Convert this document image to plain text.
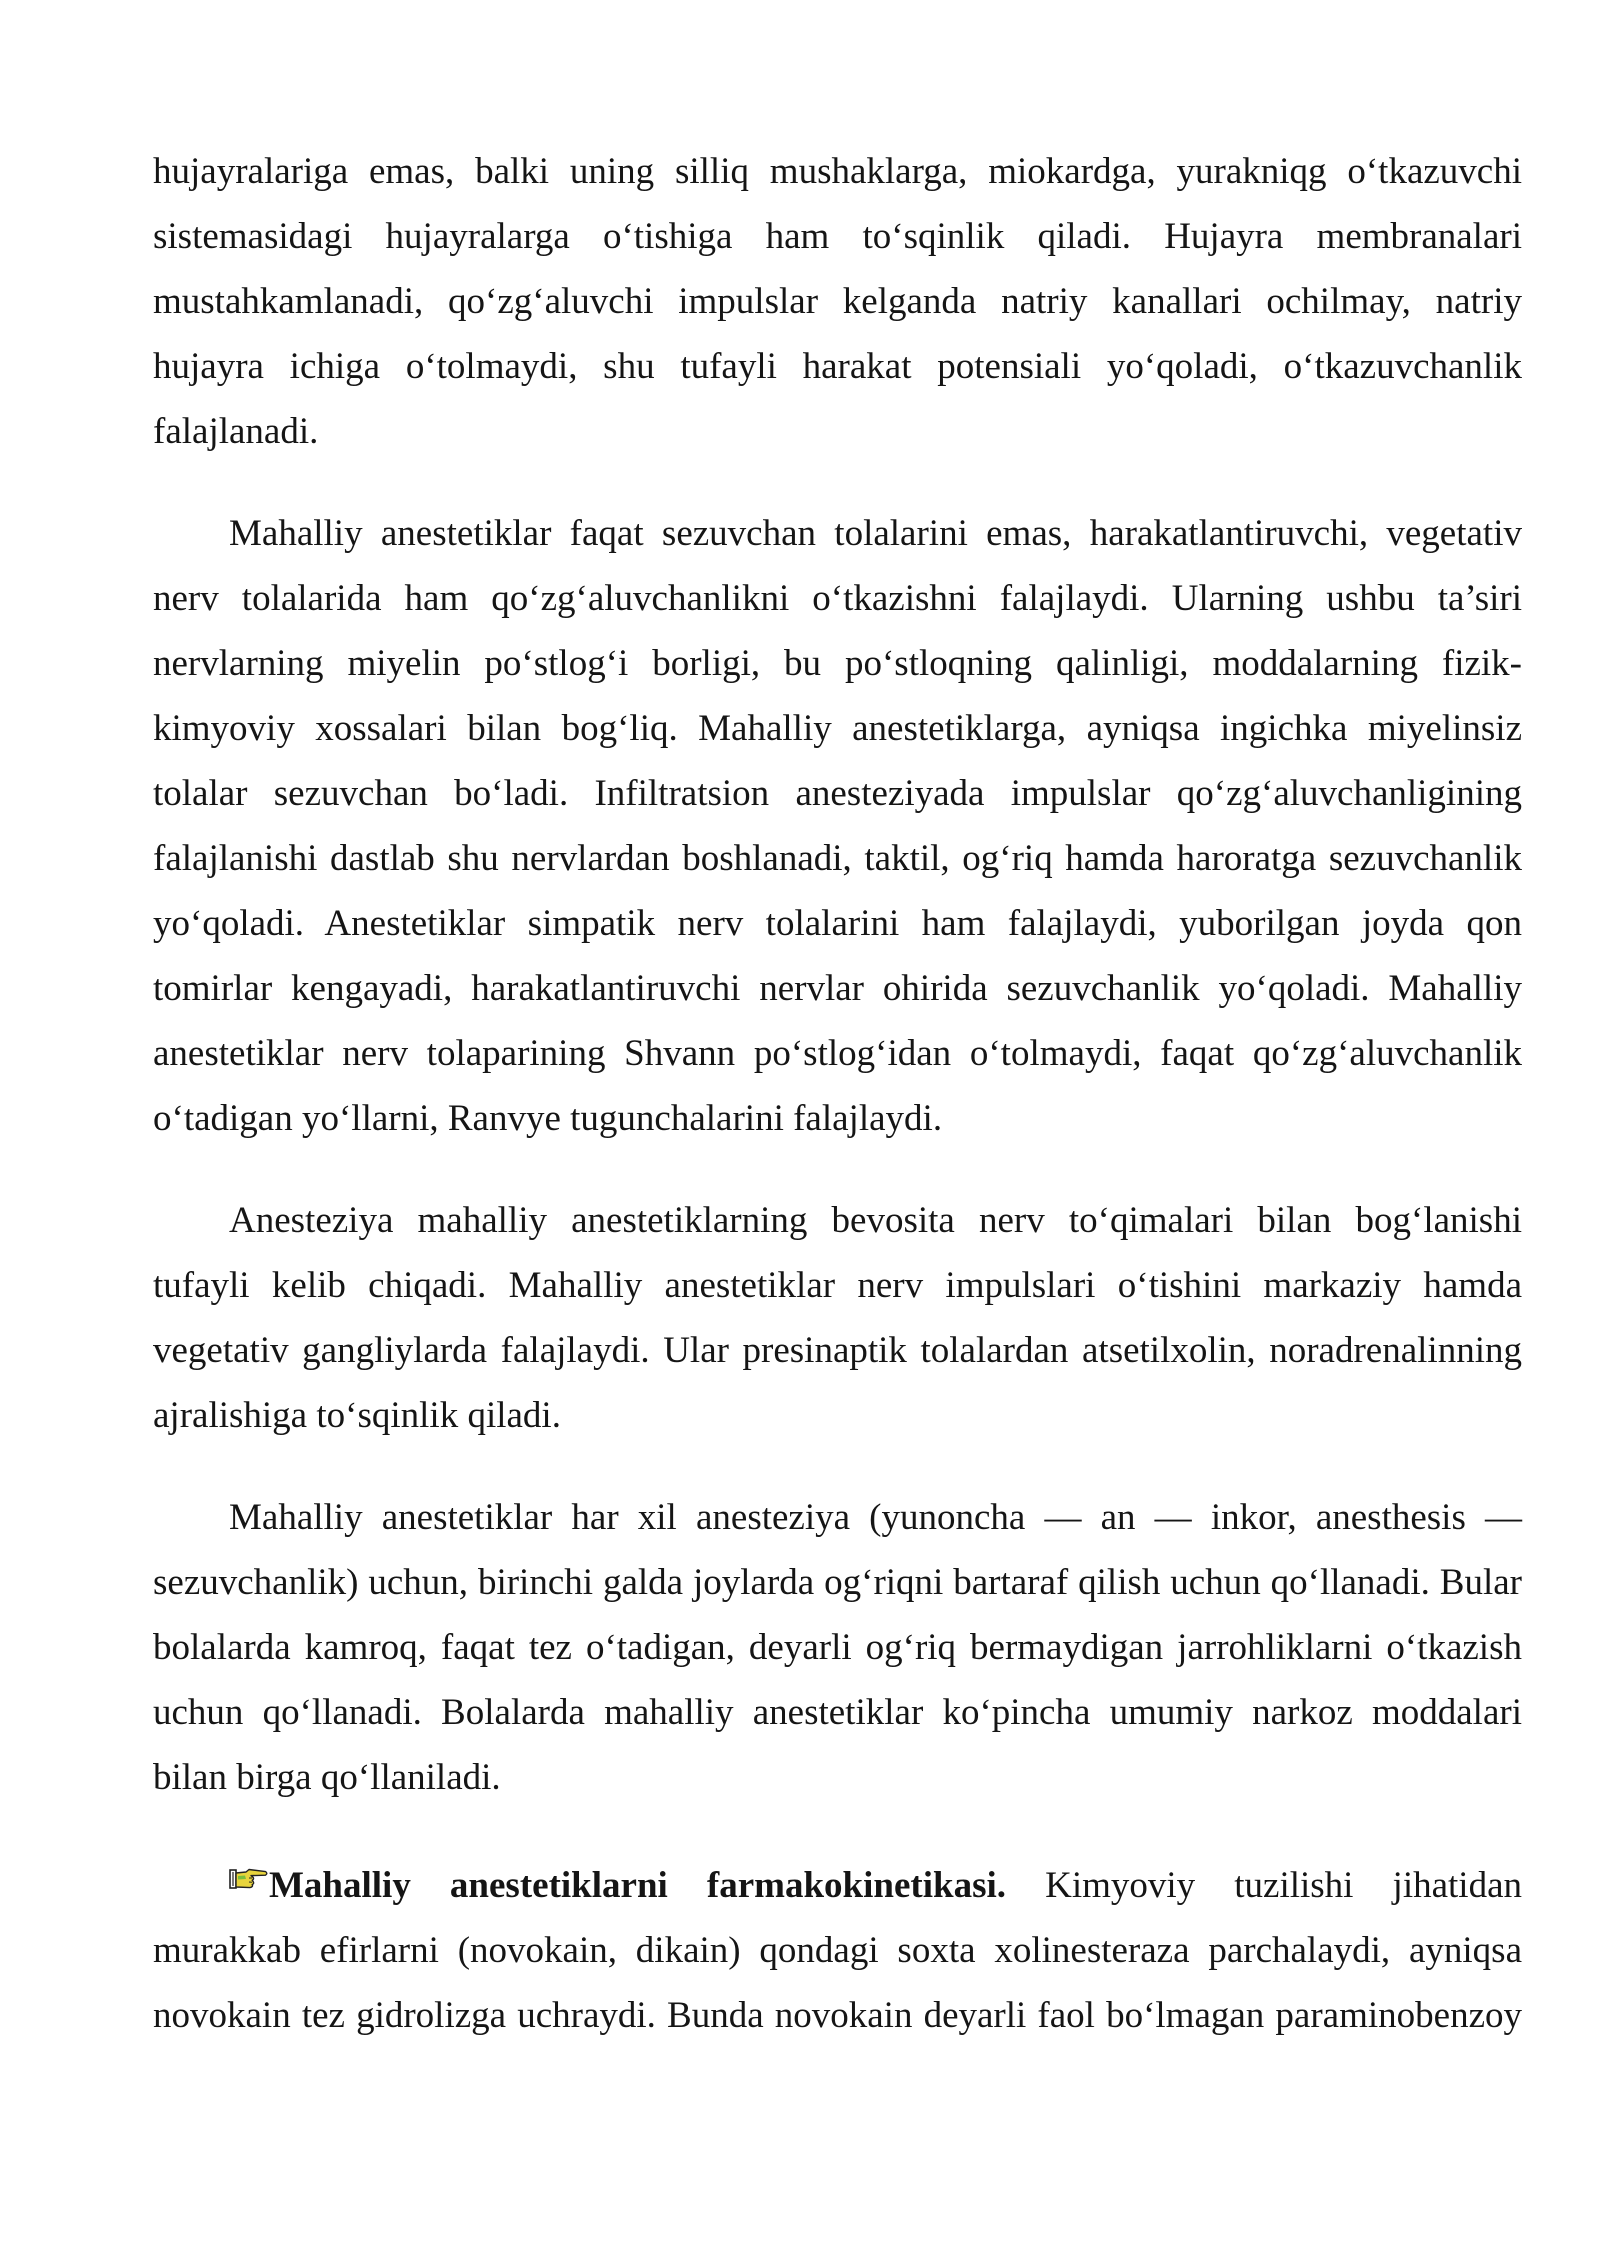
hujayralariga emas, balki uning silliq mushaklarga, miokardga, yurakniqg o‘tkazuvchi
sistemasidagi hujayralarga o‘tishiga ham to‘sqinlik qiladi. Hujayra membranalari
mustahkamlanadi, qo‘zg‘aluvchi impulslar kelganda natriy kanallari ochilmay, natriy
hujayra ichiga o‘tolmaydi, shu tufayli harakat potensiali yo‘qoladi, o‘tkazuvchanlik
falajlanadi.
Mahalliy anestetiklar faqat sezuvchan tolalarini emas, harakatlantiruvchi, vegetativ
nerv tolalarida ham qo‘zg‘aluvchanlikni o‘tkazishni falajlaydi. Ularning ushbu ta’siri
nervlarning miyelin po‘stlog‘i borligi, bu po‘stloqning qalinligi, moddalarning fizik-
kimyoviy xossalari bilan bog‘liq. Mahalliy anestetiklarga, ayniqsa ingichka miyelinsiz
tolalar sezuvchan bo‘ladi. Infiltratsion anesteziyada impulslar qo‘zg‘aluvchanligining
falajlanishi dastlab shu nervlardan boshlanadi, taktil, og‘riq hamda haroratga sezuvchanlik
yo‘qoladi. Anestetiklar simpatik nerv tolalarini ham falajlaydi, yuborilgan joyda qon
tomirlar kengayadi, harakatlantiruvchi nervlar ohirida sezuvchanlik yo‘qoladi. Mahalliy
anestetiklar nerv tolaparining Shvann po‘stlog‘idan o‘tolmaydi, faqat qo‘zg‘aluvchanlik
o‘tadigan yo‘llarni, Ranvye tugunchalarini falajlaydi.
Anesteziya mahalliy anestetiklarning bevosita nerv to‘qimalari bilan bog‘lanishi
tufayli kelib chiqadi. Mahalliy anestetiklar nerv impulslari o‘tishini markaziy hamda
vegetativ gangliylarda falajlaydi. Ular presinaptik tolalardan atsetilxolin, noradrenalinning
ajralishiga to‘sqinlik qiladi.
Mahalliy anestetiklar har xil anesteziya (yunoncha — an — inkor, anesthesis —
sezuvchanlik) uchun, birinchi galda joylarda og‘riqni bartaraf qilish uchun qo‘llanadi. Bular
bolalarda kamroq, faqat tez o‘tadigan, deyarli og‘riq bermaydigan jarrohliklarni o‘tkazish
uchun qo‘llanadi. Bolalarda mahalliy anestetiklar ko‘pincha umumiy narkoz moddalari
bilan birga qo‘llaniladi.
Mahalliy anestetiklarni farmakokinetikasi. Kimyoviy tuzilishi jihatidan
murakkab efirlarni (novokain, dikain) qondagi soxta xolinesteraza parchalaydi, ayniqsa
novokain tez gidrolizga uchraydi. Bunda novokain deyarli faol bo‘lmagan paraminobenzoy
